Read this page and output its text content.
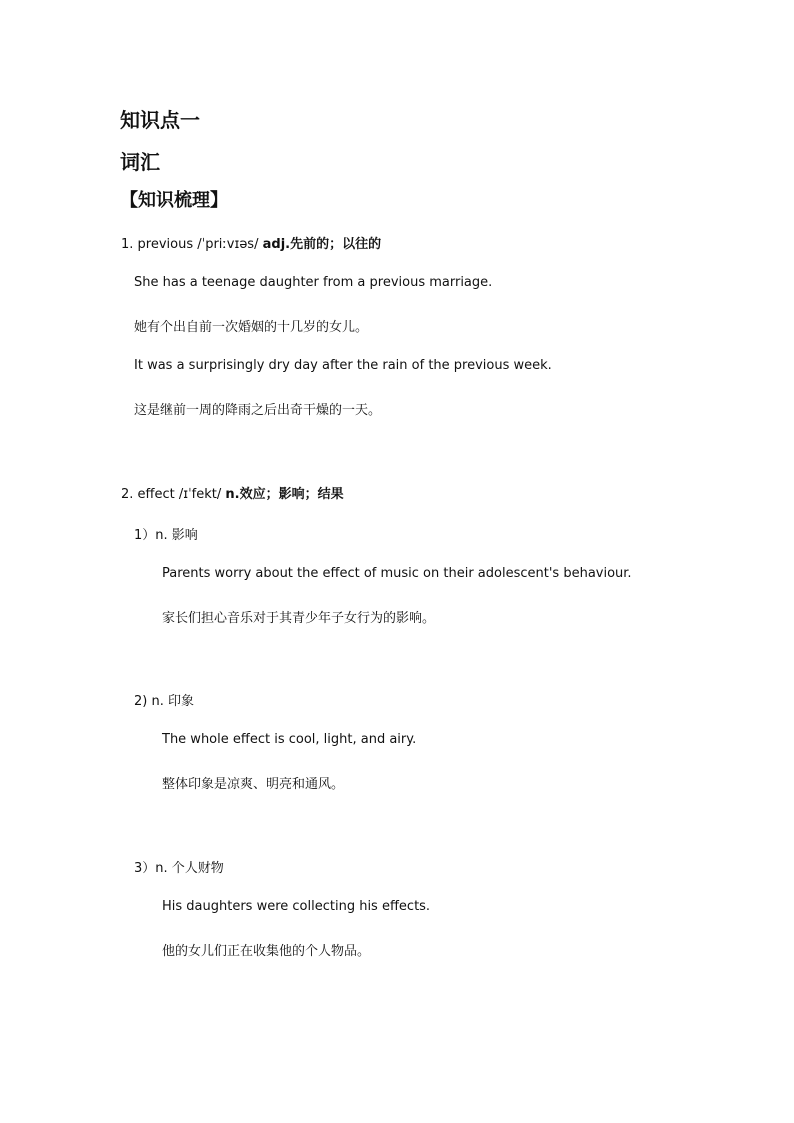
知识点一
词汇
【知识梳理】
1. previous /ˈpriːvɪəs/ adj.先前的；以往的
She has a teenage daughter from a previous marriage.
她有个出自前一次婚姻的十几岁的女儿。
It was a surprisingly dry day after the rain of the previous week.
这是继前一周的降雨之后出奇干燥的一天。
2. effect /ɪˈfekt/ n.效应；影响；结果
1）n. 影响
Parents worry about the effect of music on their adolescent's behaviour.
家长们担心音乐对于其青少年子女行为的影响。
2) n. 印象
The whole effect is cool, light, and airy.
整体印象是凉爽、明亮和通风。
3）n. 个人财物
His daughters were collecting his effects.
他的女儿们正在收集他的个人物品。
